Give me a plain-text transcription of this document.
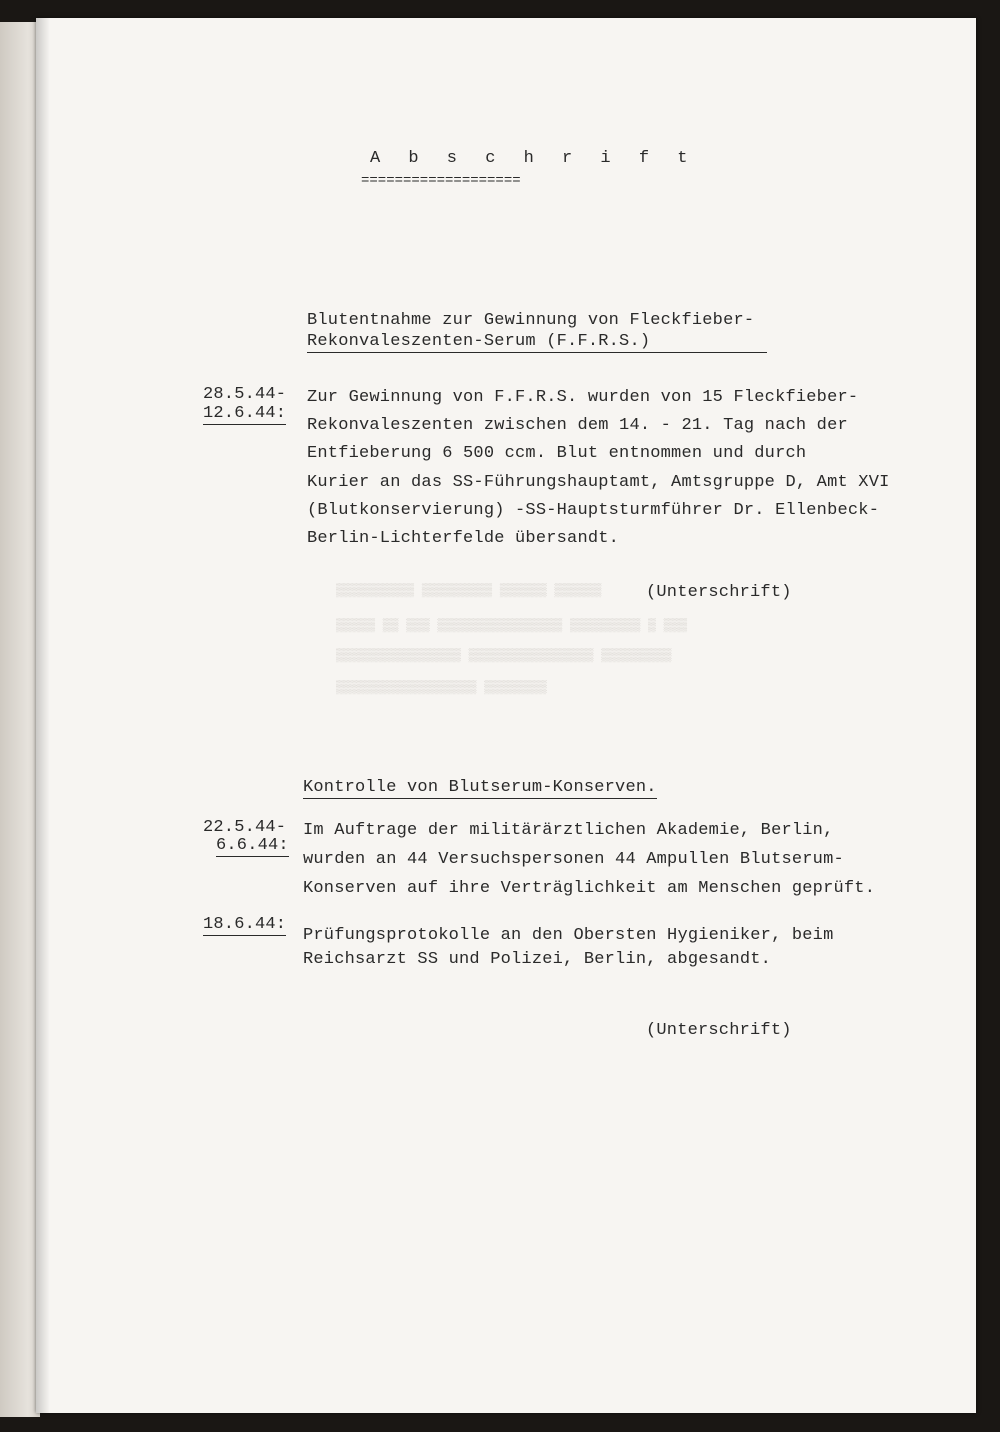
▒▒▒▒▒▒▒▒▒▒ ▒▒▒▒▒▒▒▒▒ ▒▒▒▒▒▒ ▒▒▒▒▒▒
▒▒▒▒▒ ▒▒ ▒▒▒ ▒▒▒▒▒▒▒▒▒▒▒▒▒▒▒▒ ▒▒▒▒▒▒▒▒▒ ▒ ▒▒▒
▒▒▒▒▒▒▒▒▒▒▒▒▒▒▒▒ ▒▒▒▒▒▒▒▒▒▒▒▒▒▒▒▒ ▒▒▒▒▒▒▒▒▒
▒▒▒▒▒▒▒▒▒▒▒▒▒▒▒▒▒▒ ▒▒▒▒▒▒▒▒
A b s c h r i f t
===================
Blutentnahme zur Gewinnung von Fleckfieber-
Rekonvaleszenten-Serum (F.F.R.S.)
28.5.44-
12.6.44:
Zur Gewinnung von F.F.R.S. wurden von 15 Fleckfieber-
Rekonvaleszenten zwischen dem 14. - 21. Tag nach der
Entfieberung 6 500 ccm. Blut entnommen und durch
Kurier an das SS-Führungshauptamt, Amtsgruppe D, Amt XVI
(Blutkonservierung) -SS-Hauptsturmführer Dr. Ellenbeck-
Berlin-Lichterfelde übersandt.
(Unterschrift)
Kontrolle von Blutserum-Konserven.
22.5.44-
6.6.44:
Im Auftrage der militärärztlichen Akademie, Berlin,
wurden an 44 Versuchspersonen 44 Ampullen Blutserum-
Konserven auf ihre Verträglichkeit am Menschen geprüft.
18.6.44:
Prüfungsprotokolle an den Obersten Hygieniker, beim
Reichsarzt SS und Polizei, Berlin, abgesandt.
(Unterschrift)
